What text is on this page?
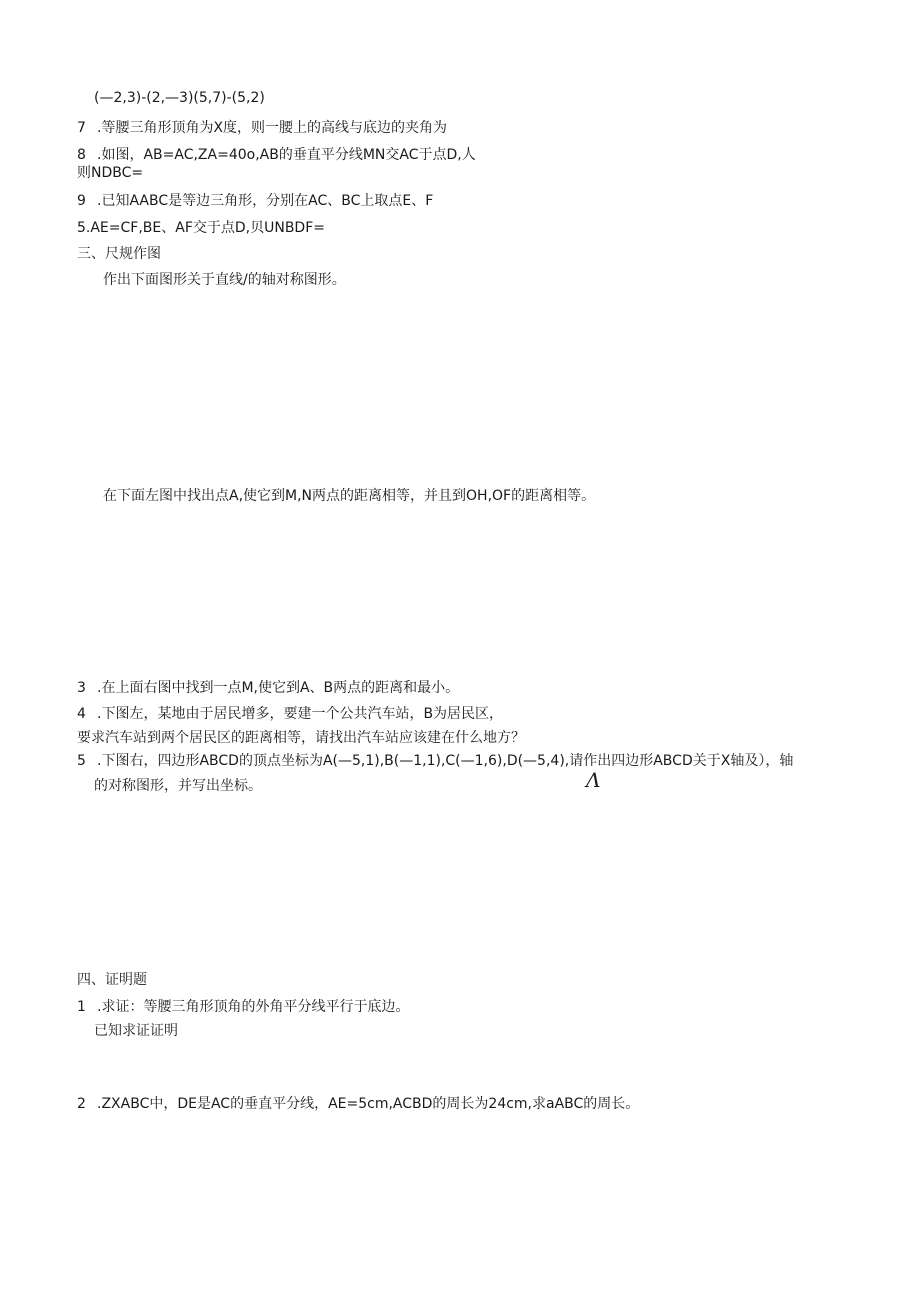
(—2,3)-(2,—3)(5,7)-(5,2)
7 .等腰三角形顶角为X度，则一腰上的高线与底边的夹角为
8 .如图，AB=AC,ZA=40o,AB的垂直平分线MN交AC于点D,人
则NDBC=
9 .已知AABC是等边三角形，分别在AC、BC上取点E、F
5.AE=CF,BE、AF交于点D,贝UNBDF=
三、尺规作图
作出下面图形关于直线/的轴对称图形。
在下面左图中找出点A,使它到M,N两点的距离相等，并且到OH,OF的距离相等。
3 .在上面右图中找到一点M,使它到A、B两点的距离和最小。
4 .下图左，某地由于居民增多，要建一个公共汽车站，B为居民区，
要求汽车站到两个居民区的距离相等，请找出汽车站应该建在什么地方？
5 .下图右，四边形ABCD的顶点坐标为A(—5,1),B(—1,1),C(—1,6),D(—5,4),请作出四边形ABCD关于X轴及），轴
的对称图形，并写出坐标。	Λ
四、证明题
1 .求证：等腰三角形顶角的外角平分线平行于底边。
已知求证证明
2 .ZXABC中，DE是AC的垂直平分线，AE=5cm,ACBD的周长为24cm,求aABC的周长。
